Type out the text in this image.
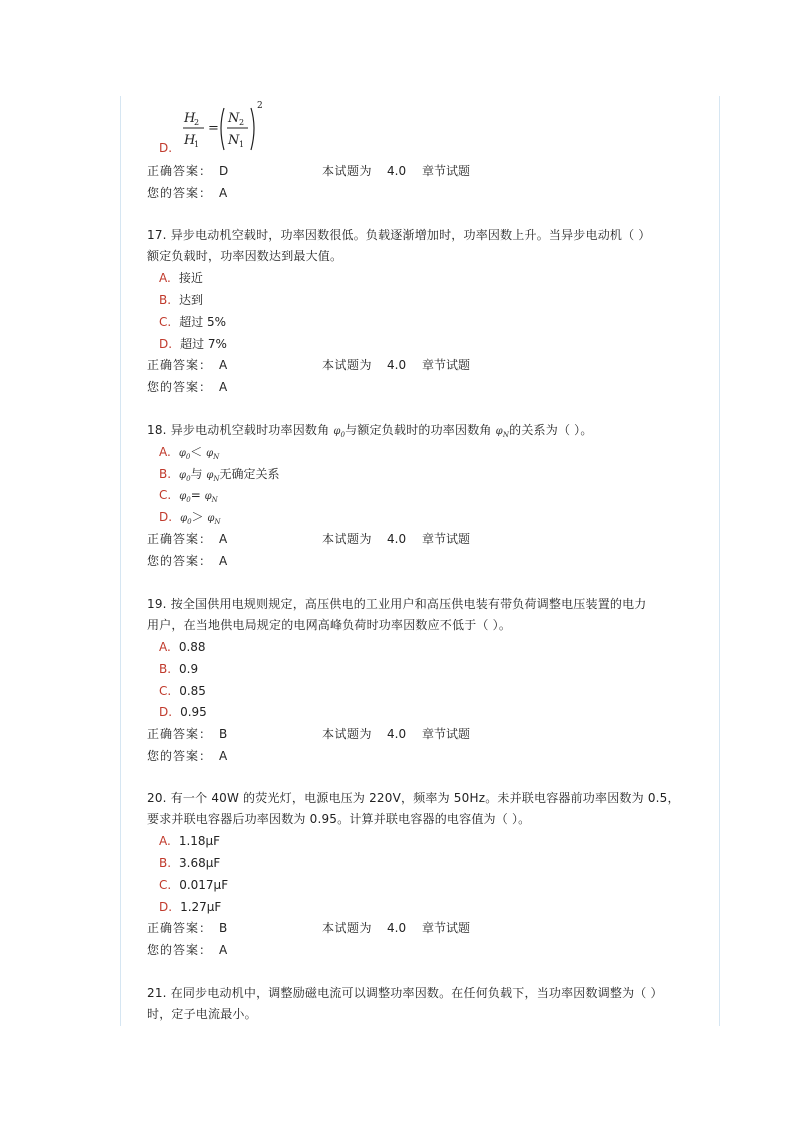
D.
H
2
H
1
=
N 2
N 1
2
正确答案： D	本试题为 4.0 章节试题
您的答案： A
17. 异步电动机空载时，功率因数很低。负载逐渐增加时，功率因数上升。当异步电动机（ ）
额定负载时，功率因数达到最大值。
A. 接近
B. 达到
C. 超过 5%
D. 超过 7%
正确答案： A	本试题为 4.0 章节试题
您的答案： A
18. 异步电动机空载时功率因数角 $\varphi_0$与额定负载时的功率因数角 $\varphi_N$的关系为（ ）。
A. $\varphi_0< \varphi_N$
B. $\varphi_0$与 $\varphi_N$无确定关系
C. $\varphi_0= \varphi_N$
D. $\varphi_0> \varphi_N$
正确答案： A	本试题为 4.0 章节试题
您的答案： A
19. 按全国供用电规则规定，高压供电的工业用户和高压供电装有带负荷调整电压装置的电力
用户，在当地供电局规定的电网高峰负荷时功率因数应不低于（ ）。
A. 0.88
B. 0.9
C. 0.85
D. 0.95
正确答案： B	本试题为 4.0 章节试题
您的答案： A
20. 有一个 40W 的荧光灯，电源电压为 220V，频率为 50Hz。未并联电容器前功率因数为 0.5，
要求并联电容器后功率因数为 0.95。计算并联电容器的电容值为（ ）。
A. 1.18μF
B. 3.68μF
C. 0.017μF
D. 1.27μF
正确答案： B	本试题为 4.0 章节试题
您的答案： A
21. 在同步电动机中，调整励磁电流可以调整功率因数。在任何负载下，当功率因数调整为（ ）
时，定子电流最小。
